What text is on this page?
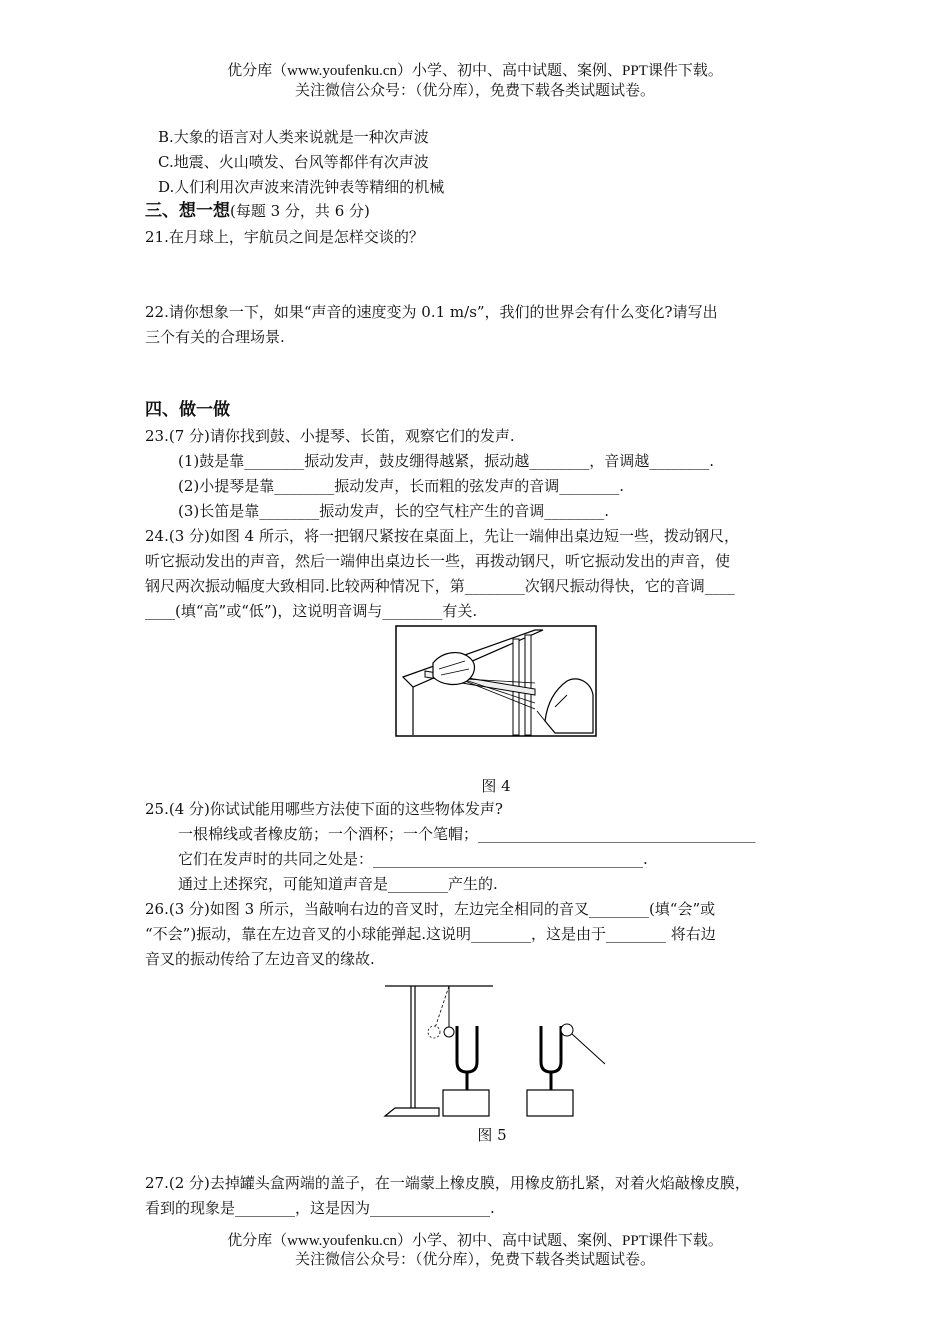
优分库（www.youfenku.cn）小学、初中、高中试题、案例、PPT课件下载。
关注微信公众号：（优分库），免费下载各类试题试卷。
B.大象的语言对人类来说就是一种次声波
C.地震、火山喷发、台风等都伴有次声波
D.人们利用次声波来清洗钟表等精细的机械
三、想一想(每题 3 分，共 6 分)
21.在月球上，宇航员之间是怎样交谈的？
22.请你想象一下，如果“声音的速度变为 0.1 m/s”，我们的世界会有什么变化?请写出
三个有关的合理场景.
四、做一做
23.(7 分)请你找到鼓、小提琴、长笛，观察它们的发声.
(1)鼓是靠________振动发声，鼓皮绷得越紧，振动越________，音调越________.
(2)小提琴是靠________振动发声，长而粗的弦发声的音调________.
(3)长笛是靠________振动发声，长的空气柱产生的音调________.
24.(3 分)如图 4 所示，将一把钢尺紧按在桌面上，先让一端伸出桌边短一些，拨动钢尺，
听它振动发出的声音，然后一端伸出桌边长一些，再拨动钢尺，听它振动发出的声音，使
钢尺两次振动幅度大致相同.比较两种情况下，第________次钢尺振动得快，它的音调____
____(填“高”或“低”)，这说明音调与________有关.
图 4
25.(4 分)你试试能用哪些方法使下面的这些物体发声?
一根棉线或者橡皮筋；一个酒杯；一个笔帽；_____________________________________
它们在发声时的共同之处是：____________________________________.
通过上述探究，可能知道声音是________产生的.
26.(3 分)如图 3 所示，当敲响右边的音叉时，左边完全相同的音叉________(填“会”或
“不会”)振动，靠在左边音叉的小球能弹起.这说明________，这是由于________ 将右边
音叉的振动传给了左边音叉的缘故.
图 5
27.(2 分)去掉罐头盒两端的盖子，在一端蒙上橡皮膜，用橡皮筋扎紧，对着火焰敲橡皮膜，
看到的现象是________，这是因为________________.
优分库（www.youfenku.cn）小学、初中、高中试题、案例、PPT课件下载。
关注微信公众号：（优分库），免费下载各类试题试卷。
